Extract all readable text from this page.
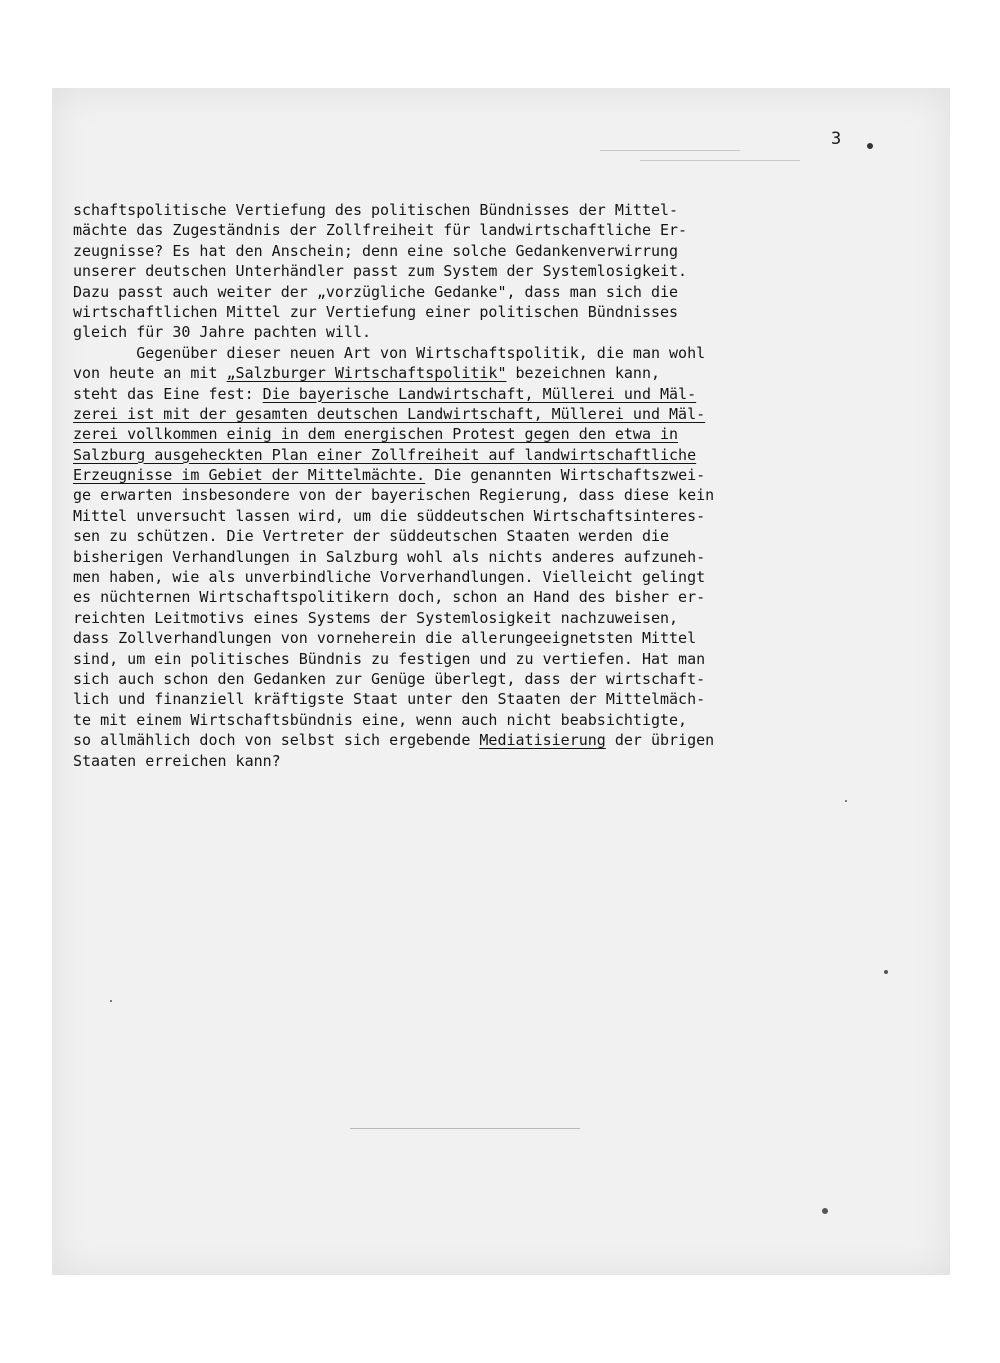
3
schaftspolitische Vertiefung des politischen Bündnisses der Mittel-
mächte das Zugeständnis der Zollfreiheit für landwirtschaftliche Er-
zeugnisse? Es hat den Anschein; denn eine solche Gedankenverwirrung
unserer deutschen Unterhändler passt zum System der Systemlosigkeit.
Dazu passt auch weiter der „vorzügliche Gedanke", dass man sich die
wirtschaftlichen Mittel zur Vertiefung einer politischen Bündnisses
gleich für 30 Jahre pachten will.
Gegenüber dieser neuen Art von Wirtschaftspolitik, die man wohl
von heute an mit „Salzburger Wirtschaftspolitik" bezeichnen kann,
steht das Eine fest: Die bayerische Landwirtschaft, Müllerei und Mäl-
zerei ist mit der gesamten deutschen Landwirtschaft, Müllerei und Mäl-
zerei vollkommen einig in dem energischen Protest gegen den etwa in
Salzburg ausgeheckten Plan einer Zollfreiheit auf landwirtschaftliche
Erzeugnisse im Gebiet der Mittelmächte. Die genannten Wirtschaftszwei-
ge erwarten insbesondere von der bayerischen Regierung, dass diese kein
Mittel unversucht lassen wird, um die süddeutschen Wirtschaftsinteres-
sen zu schützen. Die Vertreter der süddeutschen Staaten werden die
bisherigen Verhandlungen in Salzburg wohl als nichts anderes aufzuneh-
men haben, wie als unverbindliche Vorverhandlungen. Vielleicht gelingt
es nüchternen Wirtschaftspolitikern doch, schon an Hand des bisher er-
reichten Leitmotivs eines Systems der Systemlosigkeit nachzuweisen,
dass Zollverhandlungen von vorneherein die allerungeeignetsten Mittel
sind, um ein politisches Bündnis zu festigen und zu vertiefen. Hat man
sich auch schon den Gedanken zur Genüge überlegt, dass der wirtschaft-
lich und finanziell kräftigste Staat unter den Staaten der Mittelmäch-
te mit einem Wirtschaftsbündnis eine, wenn auch nicht beabsichtigte,
so allmählich doch von selbst sich ergebende Mediatisierung der übrigen
Staaten erreichen kann?
